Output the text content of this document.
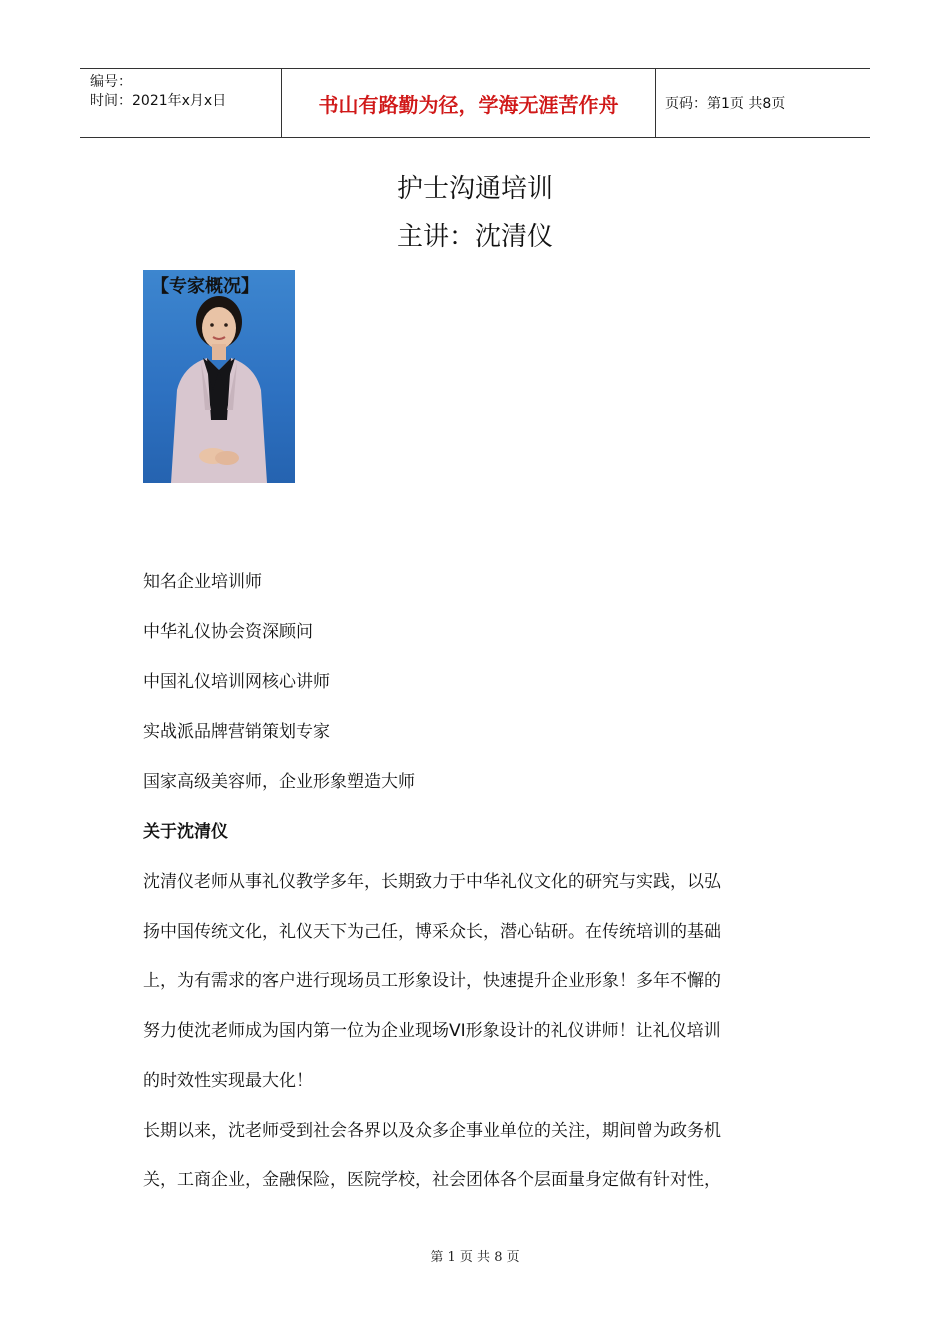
编号：
时间：2021年x月x日	书山有路勤为径，学海无涯苦作舟	页码：第1页 共8页
护士沟通培训
主讲：沈清仪
【专家概况】
知名企业培训师
中华礼仪协会资深顾问
中国礼仪培训网核心讲师
实战派品牌营销策划专家
国家高级美容师，企业形象塑造大师
关于沈清仪
沈清仪老师从事礼仪教学多年，长期致力于中华礼仪文化的研究与实践，以弘
扬中国传统文化，礼仪天下为己任，博采众长，潜心钻研。在传统培训的基础
上，为有需求的客户进行现场员工形象设计，快速提升企业形象！多年不懈的
努力使沈老师成为国内第一位为企业现场VI形象设计的礼仪讲师！让礼仪培训
的时效性实现最大化！
长期以来，沈老师受到社会各界以及众多企事业单位的关注，期间曾为政务机
关，工商企业，金融保险，医院学校，社会团体各个层面量身定做有针对性，
第 1 页 共 8 页
